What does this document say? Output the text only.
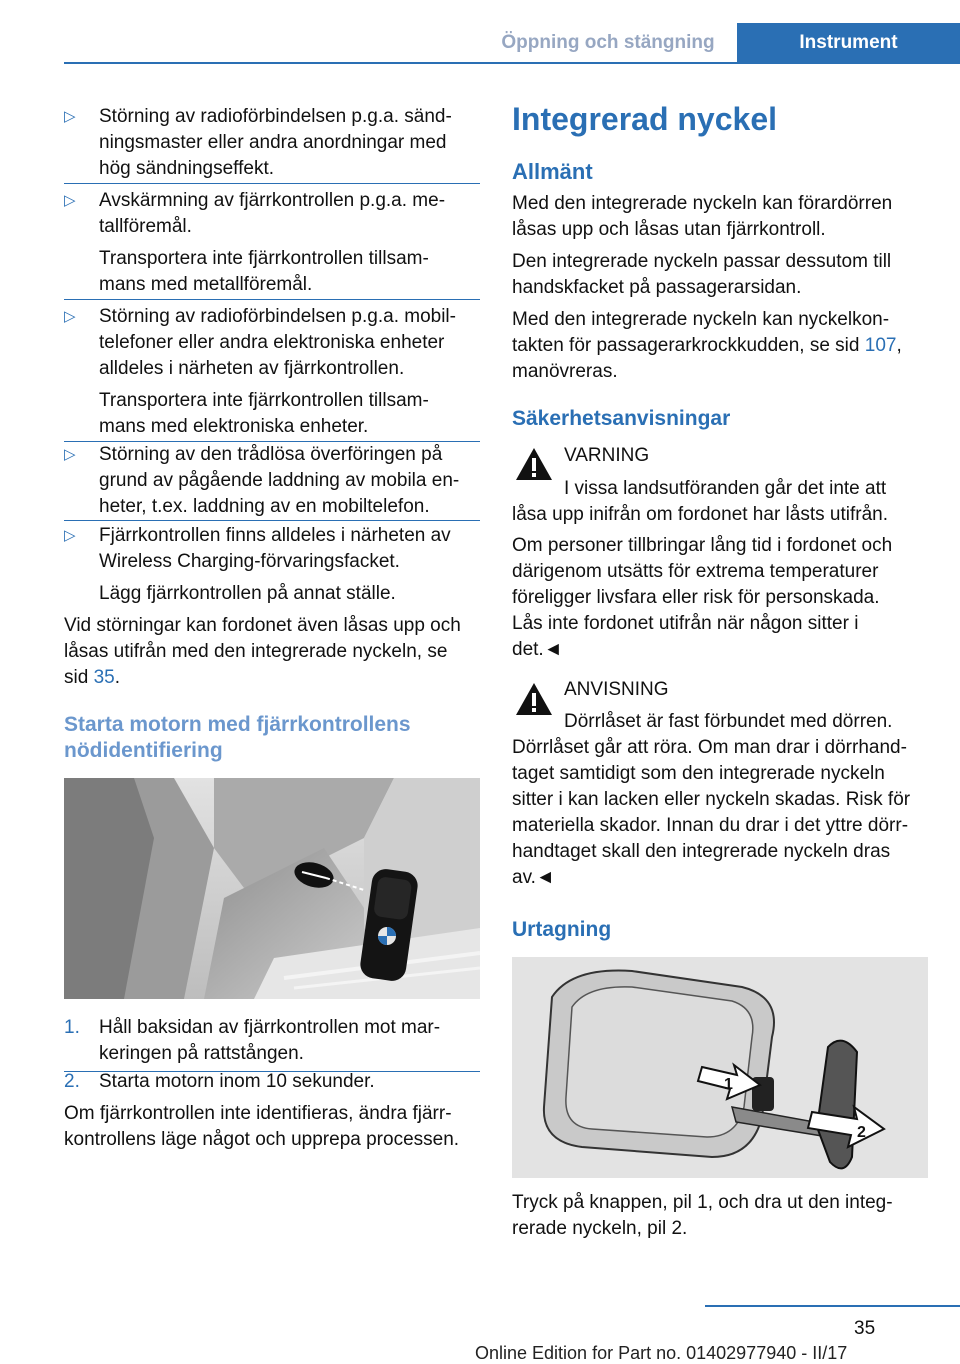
Öppning och stängning	Instrument
▷ Störning av radioförbindelsen p.g.a. sänd-
ningsmaster eller andra anordningar med
hög sändningseffekt.
▷ Avskärmning av fjärrkontrollen p.g.a. me-
tallföremål.
Transportera inte fjärrkontrollen tillsam-
mans med metallföremål.
▷ Störning av radioförbindelsen p.g.a. mobil-
telefoner eller andra elektroniska enheter
alldeles i närheten av fjärrkontrollen.
Transportera inte fjärrkontrollen tillsam-
mans med elektroniska enheter.
▷ Störning av den trådlösa överföringen på
grund av pågående laddning av mobila en-
heter, t.ex. laddning av en mobiltelefon.
▷ Fjärrkontrollen finns alldeles i närheten av
Wireless Charging-förvaringsfacket.
Lägg fjärrkontrollen på annat ställe.
Vid störningar kan fordonet även låsas upp och
låsas utifrån med den integrerade nyckeln, se
sid 35.
Starta motorn med fjärrkontrollens
nödidentifiering
1. Håll baksidan av fjärrkontrollen mot mar-
keringen på rattstången.
2. Starta motorn inom 10 sekunder.
Om fjärrkontrollen inte identifieras, ändra fjärr-
kontrollens läge något och upprepa processen.
Integrerad nyckel
Allmänt
Med den integrerade nyckeln kan förardörren
låsas upp och låsas utan fjärrkontroll.
Den integrerade nyckeln passar dessutom till
handskfacket på passagerarsidan.
Med den integrerade nyckeln kan nyckelkon-
takten för passagerarkrockkudden, se sid 107,
manövreras.
Säkerhetsanvisningar
VARNING
I vissa landsutföranden går det inte att
låsa upp inifrån om fordonet har låsts utifrån.
Om personer tillbringar lång tid i fordonet och
därigenom utsätts för extrema temperaturer
föreligger livsfara eller risk för personskada.
Lås inte fordonet utifrån när någon sitter i
det.◄
ANVISNING
Dörrlåset är fast förbundet med dörren.
Dörrlåset går att röra. Om man drar i dörrhand-
taget samtidigt som den integrerade nyckeln
sitter i kan lacken eller nyckeln skadas. Risk för
materiella skador. Innan du drar i det yttre dörr-
handtaget skall den integrerade nyckeln dras
av.◄
Urtagning
1
2
Tryck på knappen, pil 1, och dra ut den integ-
rerade nyckeln, pil 2.
35
Online Edition for Part no. 01402977940 - II/17
